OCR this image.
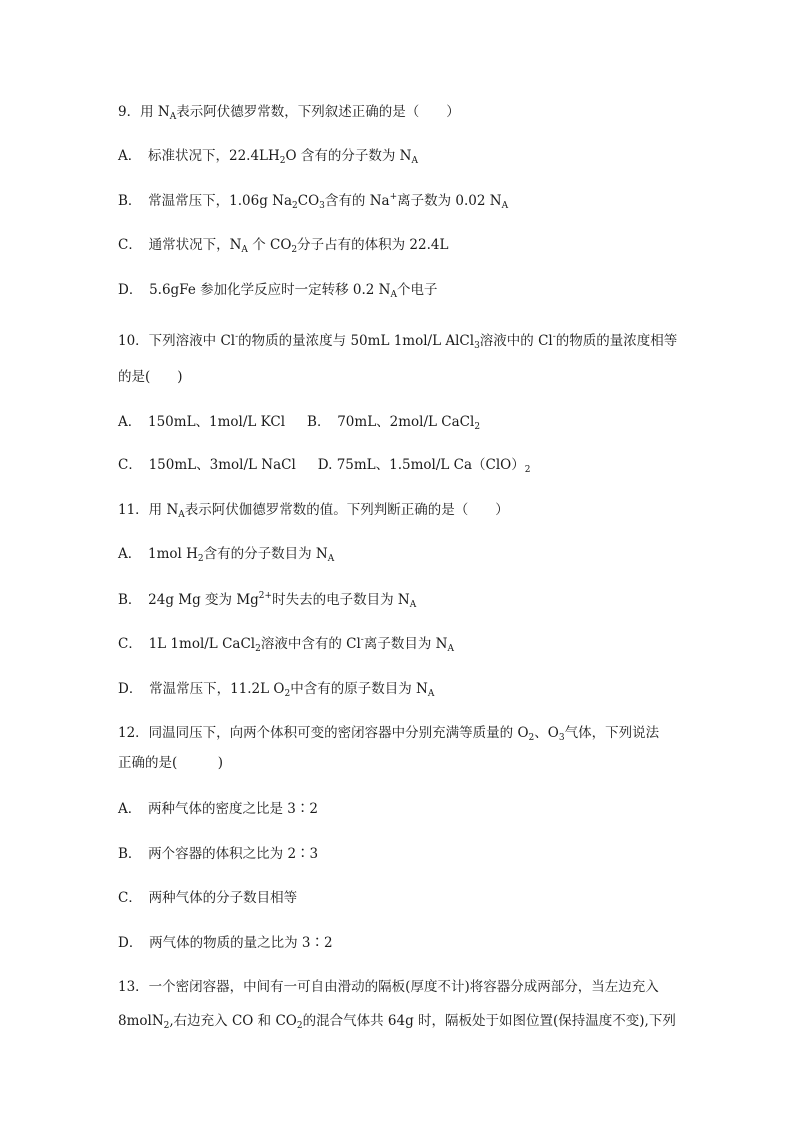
9．用 $N_A$表示阿伏德罗常数，下列叙述正确的是（　　）
A．　标准状况下，$22.4LH_2O$ 含有的分子数为 $N_A$
B．　常温常压下，1.06g $Na_2CO_3$含有的 Na+离子数为 0.02 $N_A$
C．　通常状况下，$N_A$ 个 $CO_2$分子占有的体积为 22.4L
D．　5.6gFe 参加化学反应时一定转移 0.2 $N_A$个电子
10．下列溶液中 Cl-的物质的量浓度与 50mL 1mol/L AlCl$_3$溶液中的 Cl-的物质的量浓度相等
的是(　　)
A．　150mL、1mol/L KCl B．　70mL、2mol/L CaCl$_2$
C．　150mL、3mol/L NaCl D. 75mL、1.5mol/L $Ca(ClO)_2$
11．用 $N_A$表示阿伏伽德罗常数的值。下列判断正确的是（　　）
A．　1mol $H_2$含有的分子数目为 $N_A$
B．　24g Mg 变为 $Mg^{2+}$时失去的电子数目为 $N_A$
C．　1L 1mol/L CaCl$_2$溶液中含有的 Cl-离子数目为 $N_A$
D．　常温常压下，11.2L $O_2$中含有的原子数目为 $N_A$
12．同温同压下，向两个体积可变的密闭容器中分别充满等质量的 $O_2$、$O_3$气体，下列说法
正确的是(　　　)
A．　两种气体的密度之比是 3∶2
B．　两个容器的体积之比为 2∶3
C．　两种气体的分子数目相等
D．　两气体的物质的量之比为 3∶2
13．一个密闭容器，中间有一可自由滑动的隔板(厚度不计)将容器分成两部分，当左边充入
8molN$_2$,右边充入 CO 和 $CO_2$的混合气体共 64g 时，隔板处于如图位置(保持温度不变),下列
